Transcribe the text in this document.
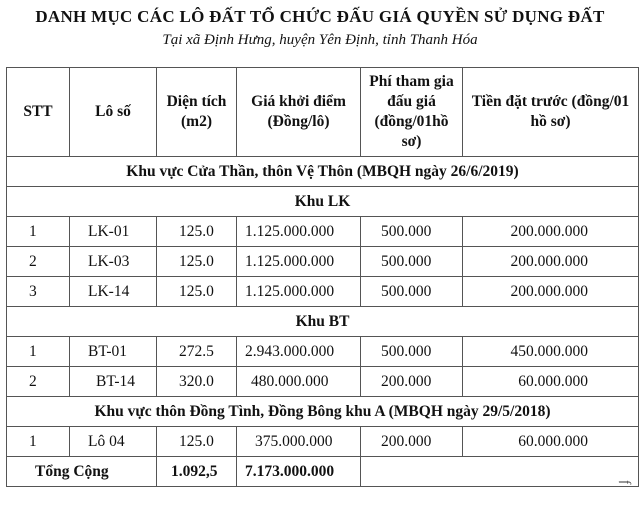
DANH MỤC CÁC LÔ ĐẤT TỔ CHỨC ĐẤU GIÁ QUYỀN SỬ DỤNG ĐẤT
Tại xã Định Hưng, huyện Yên Định, tỉnh Thanh Hóa
STT	Lô số	Diện tích (m2)	Giá khởi điểm (Đồng/lô)	Phí tham gia đấu giá (đồng/01hồ sơ)	Tiền đặt trước (đồng/01 hồ sơ)
Khu vực Cửa Thần, thôn Vệ Thôn (MBQH ngày 26/6/2019)					
Khu LK					
1	LK-01	125.0	1.125.000.000	500.000	200.000.000
2	LK-03	125.0	1.125.000.000	500.000	200.000.000
3	LK-14	125.0	1.125.000.000	500.000	200.000.000
Khu BT					
1	BT-01	272.5	2.943.000.000	500.000	450.000.000
2	BT-14	320.0	480.000.000	200.000	60.000.000
Khu vực thôn Đồng Tình, Đồng Bông khu A (MBQH ngày 29/5/2018)					
1	Lô 04	125.0	375.000.000	200.000	60.000.000
Tổng Cộng		1.092,5	7.173.000.000		
f
